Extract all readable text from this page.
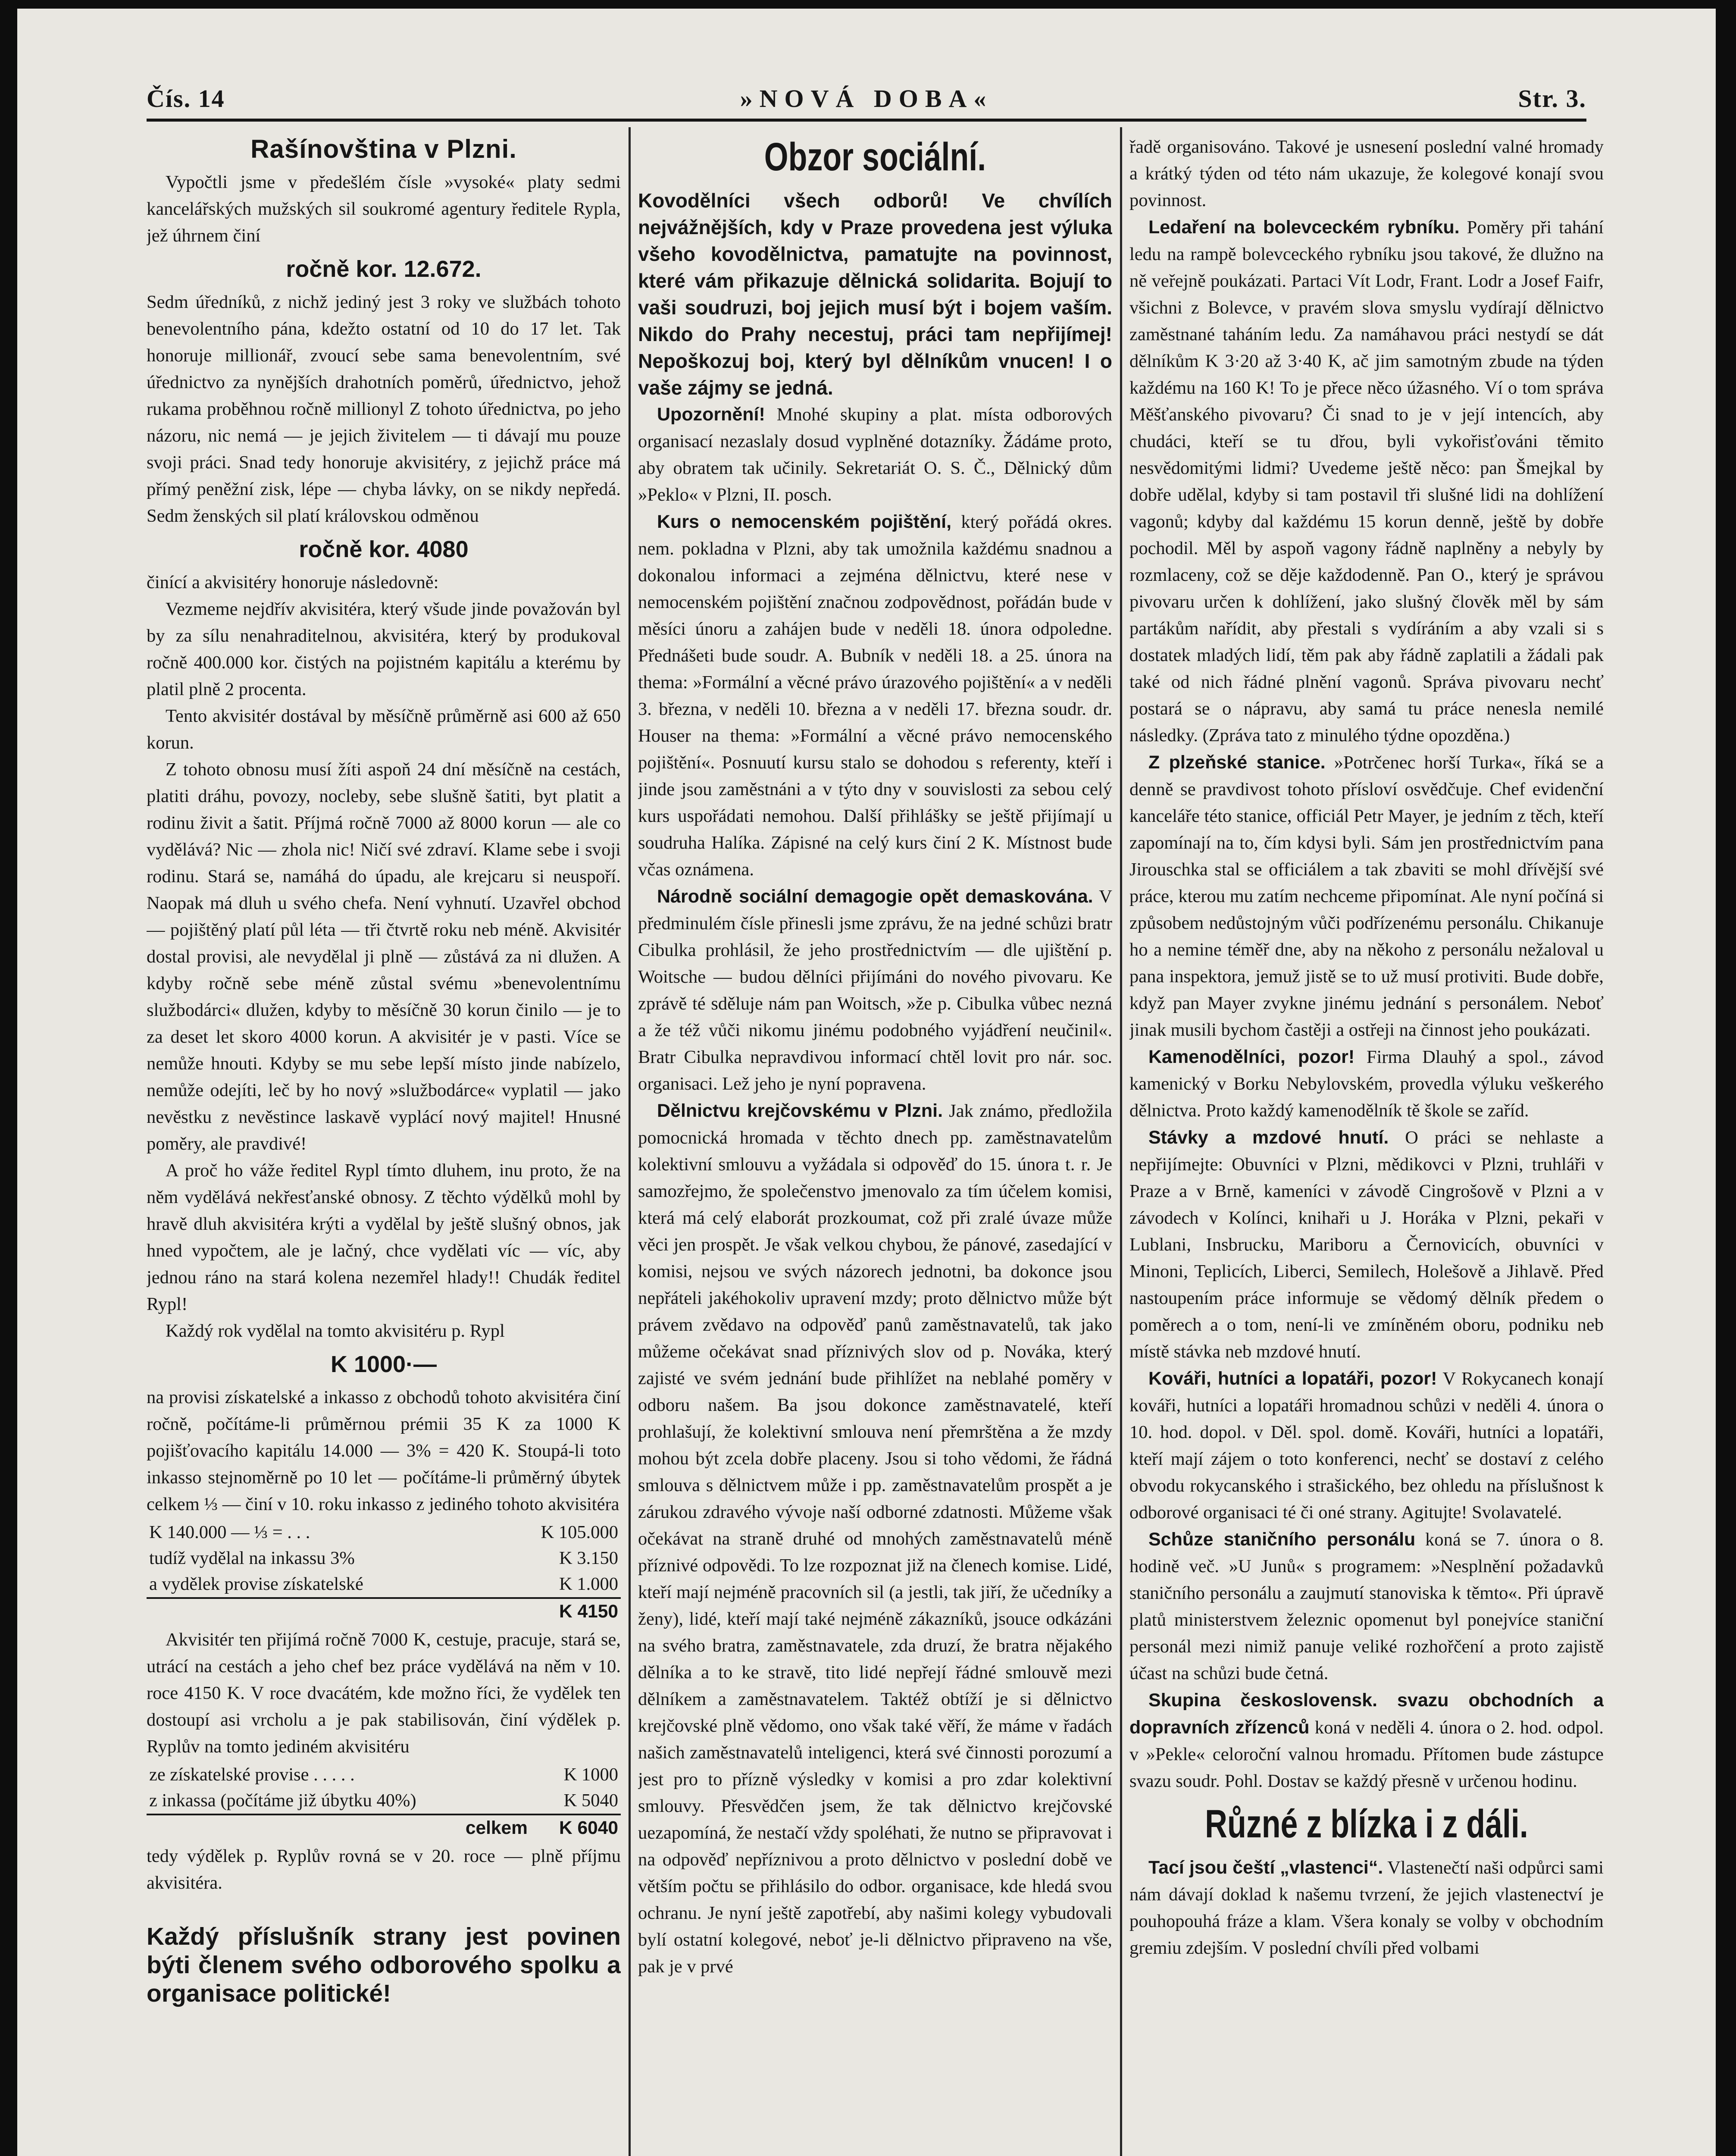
Čís. 14	»NOVÁ DOBA«	Str. 3.
Rašínovština v Plzni.

Vypočtli jsme v předešlém čísle »vysoké« platy sedmi kancelářských mužských sil soukromé agentury ředitele Rypla, jež úhrnem činí

ročně kor. 12.672.

Sedm úředníků, z nichž jediný jest 3 roky ve službách tohoto benevolentního pána, kdežto ostatní od 10 do 17 let. Tak honoruje millionář, zvoucí sebe sama benevolentním, své úřednictvo za nynějších drahotních poměrů, úřednictvo, jehož rukama proběhnou ročně millionyl Z tohoto úřednictva, po jeho názoru, nic nemá — je jejich živitelem — ti dávají mu pouze svoji práci. Snad tedy honoruje akvisitéry, z jejichž práce má přímý peněžní zisk, lépe — chyba lávky, on se nikdy nepředá. Sedm ženských sil platí královskou odměnou

ročně kor. 4080

činící a akvisitéry honoruje následovně:

Vezmeme nejdřív akvisitéra, který všude jinde považován byl by za sílu nenahraditelnou, akvisitéra, který by produkoval ročně 400.000 kor. čistých na pojistném kapitálu a kterému by platil plně 2 procenta.

Tento akvisitér dostával by měsíčně průměrně asi 600 až 650 korun.

Z tohoto obnosu musí žíti aspoň 24 dní měsíčně na cestách, platiti dráhu, povozy, nocleby, sebe slušně šatiti, byt platit a rodinu živit a šatit. Příjmá ročně 7000 až 8000 korun — ale co vydělává? Nic — zhola nic! Ničí své zdraví. Klame sebe i svoji rodinu. Stará se, namáhá do úpadu, ale krejcaru si neuspoří. Naopak má dluh u svého chefa. Není vyhnutí. Uzavřel obchod — pojištěný platí půl léta — tři čtvrtě roku neb méně. Akvisitér dostal provisi, ale nevydělal ji plně — zůstává za ni dlužen. A kdyby ročně sebe méně zůstal svému »benevolentnímu službodárci« dlužen, kdyby to měsíčně 30 korun činilo — je to za deset let skoro 4000 korun. A akvisitér je v pasti. Více se nemůže hnouti. Kdyby se mu sebe lepší místo jinde nabízelo, nemůže odejíti, leč by ho nový »službodárce« vyplatil — jako nevěstku z nevěstince laskavě vyplácí nový majitel! Hnusné poměry, ale pravdivé!

A proč ho váže ředitel Rypl tímto dluhem, inu proto, že na něm vydělává nekřesťanské obnosy. Z těchto výdělků mohl by hravě dluh akvisitéra krýti a vydělal by ještě slušný obnos, jak hned vypočtem, ale je lačný, chce vydělati víc — víc, aby jednou ráno na stará kolena nezemřel hlady!! Chudák ředitel Rypl!

Každý rok vydělal na tomto akvisitéru p. Rypl

K 1000·—

na provisi získatelské a inkasso z obchodů tohoto akvisitéra činí ročně, počítáme-li průměrnou prémii 35 K za 1000 K pojišťovacího kapitálu 14.000 — 3% = 420 K. Stoupá-li toto inkasso stejnoměrně po 10 let — počítáme-li průměrný úbytek celkem ⅓ — činí v 10. roku inkasso z jediného tohoto akvisitéra

K 140.000 — ⅓ = . . .	K 105.000
tudíž vydělal na inkassu 3%	K 3.150
a vydělek provise získatelské	K 1.000
	K 4150

Akvisitér ten přijímá ročně 7000 K, cestuje, pracuje, stará se, utrácí na cestách a jeho chef bez práce vydělává na něm v 10. roce 4150 K. V roce dvacátém, kde možno říci, že vydělek ten dostoupí asi vrcholu a je pak stabilisován, činí výdělek p. Ryplův na tomto jediném akvisitéru

ze získatelské provise . . . . .	K 1000
z inkassa (počítáme již úbytku 40%)	K 5040
celkem	K 6040

tedy výdělek p. Ryplův rovná se v 20. roce — plně příjmu akvisitéra.

Každý příslušník strany jest povinen býti členem svého odborového spolku a organisace politické!
Obzor sociální.
Kovodělníci všech odborů! Ve chvílích nejvážnějších, kdy v Praze provedena jest výluka všeho kovodělnictva, pamatujte na povinnost, které vám přikazuje dělnická solidarita. Bojují to vaši soudruzi, boj jejich musí být i bojem vaším. Nikdo do Prahy necestuj, práci tam nepřijímej! Nepoškozuj boj, který byl dělníkům vnucen! I o vaše zájmy se jedná.

Upozornění! Mnohé skupiny a plat. místa odborových organisací nezaslaly dosud vyplněné dotazníky. Žádáme proto, aby obratem tak učinily. Sekretariát O. S. Č., Dělnický dům »Peklo« v Plzni, II. posch.

Kurs o nemocenském pojištění, který pořádá okres. nem. pokladna v Plzni, aby tak umožnila každému snadnou a dokonalou informaci a zejména dělnictvu, které nese v nemocenském pojištění značnou zodpovědnost, pořádán bude v měsíci únoru a zahájen bude v neděli 18. února odpoledne. Přednášeti bude soudr. A. Bubník v neděli 18. a 25. února na thema: »Formální a věcné právo úrazového pojištění« a v neděli 3. března, v neděli 10. března a v neděli 17. března soudr. dr. Houser na thema: »Formální a věcné právo nemocenského pojištění«. Posnuutí kursu stalo se dohodou s referenty, kteří i jinde jsou zaměstnáni a v týto dny v souvislosti za sebou celý kurs uspořádati nemohou. Další přihlášky se ještě přijímají u soudruha Halíka. Zápisné na celý kurs činí 2 K. Místnost bude včas oznámena.

Národně sociální demagogie opět demaskována. V předminulém čísle přinesli jsme zprávu, že na jedné schůzi bratr Cibulka prohlásil, že jeho prostřednictvím — dle ujištění p. Woitsche — budou dělníci přijímáni do nového pivovaru. Ke zprávě té sděluje nám pan Woitsch, »že p. Cibulka vůbec nezná a že též vůči nikomu jinému podobného vyjádření neučinil«. Bratr Cibulka nepravdivou informací chtěl lovit pro nár. soc. organisaci. Lež jeho je nyní popravena.

Dělnictvu krejčovskému v Plzni. Jak známo, předložila pomocnická hromada v těchto dnech pp. zaměstnavatelům kolektivní smlouvu a vyžádala si odpověď do 15. února t. r. Je samozřejmo, že společenstvo jmenovalo za tím účelem komisi, která má celý elaborát prozkoumat, což při zralé úvaze může věci jen prospět. Je však velkou chybou, že pánové, zasedající v komisi, nejsou ve svých názorech jednotni, ba dokonce jsou nepřáteli jakéhokoliv upravení mzdy; proto dělnictvo může být právem zvědavo na odpověď panů zaměstnavatelů, tak jako můžeme očekávat snad příznivých slov od p. Nováka, který zajisté ve svém jednání bude přihlížet na neblahé poměry v odboru našem. Ba jsou dokonce zaměstnavatelé, kteří prohlašují, že kolektivní smlouva není přemrštěna a že mzdy mohou být zcela dobře placeny. Jsou si toho vědomi, že řádná smlouva s dělnictvem může i pp. zaměstnavatelům prospět a je zárukou zdravého vývoje naší odborné zdatnosti. Můžeme však očekávat na straně druhé od mnohých zaměstnavatelů méně příznivé odpovědi. To lze rozpoznat již na členech komise. Lidé, kteří mají nejméně pracovních sil (a jestli, tak jiří, že učedníky a ženy), lidé, kteří mají také nejméně zákazníků, jsouce odkázáni na svého bratra, zaměstnavatele, zda druzí, že bratra nějakého dělníka a to ke stravě, tito lidé nepřejí řádné smlouvě mezi dělníkem a zaměstnavatelem. Taktéž obtíží je si dělnictvo krejčovské plně vědomo, ono však také věří, že máme v řadách našich zaměstnavatelů inteligenci, která své činnosti porozumí a jest pro to přízně výsledky v komisi a pro zdar kolektivní smlouvy. Přesvědčen jsem, že tak dělnictvo krejčovské uezapomíná, že nestačí vždy spoléhati, že nutno se připravovat i na odpověď nepříznivou a proto dělnictvo v poslední době ve větším počtu se přihlásilo do odbor. organisace, kde hledá svou ochranu. Je nyní ještě zapotřebí, aby našimi kolegy vybudovali bylí ostatní kolegové, neboť je-li dělnictvo připraveno na vše, pak je v prvé

řadě organisováno. Takové je usnesení poslední valné hromady a krátký týden od této nám ukazuje, že kolegové konají svou povinnost.

Ledaření na bolevceckém rybníku. Poměry při tahání ledu na rampě bolevceckého rybníku jsou takové, že dlužno na ně veřejně poukázati. Partaci Vít Lodr, Frant. Lodr a Josef Faifr, všichni z Bolevce, v pravém slova smyslu vydírají dělnictvo zaměstnané taháním ledu. Za namáhavou práci nestydí se dát dělníkům K 3·20 až 3·40 K, ač jim samotným zbude na týden každému na 160 K! To je přece něco úžasného. Ví o tom správa Měšťanského pivovaru? Či snad to je v její intencích, aby chudáci, kteří se tu dřou, byli vykořisťováni těmito nesvědomitými lidmi? Uvedeme ještě něco: pan Šmejkal by dobře udělal, kdyby si tam postavil tři slušné lidi na dohlížení vagonů; kdyby dal každému 15 korun denně, ještě by dobře pochodil. Měl by aspoň vagony řádně naplněny a nebyly by rozmlaceny, což se děje každodenně. Pan O., který je správou pivovaru určen k dohlížení, jako slušný člověk měl by sám partákům nařídit, aby přestali s vydíráním a aby vzali si s dostatek mladých lidí, těm pak aby řádně zaplatili a žádali pak také od nich řádné plnění vagonů. Správa pivovaru nechť postará se o nápravu, aby samá tu práce nenesla nemilé následky. (Zpráva tato z minulého týdne opozděna.)

Z plzeňské stanice. »Potrčenec horší Turka«, říká se a denně se pravdivost tohoto přísloví osvědčuje. Chef evidenční kanceláře této stanice, officiál Petr Mayer, je jedním z těch, kteří zapomínají na to, čím kdysi byli. Sám jen prostřednictvím pana Jirouschka stal se officiálem a tak zbaviti se mohl dřívější své práce, kterou mu zatím nechceme připomínat. Ale nyní počíná si způsobem nedůstojným vůči podřízenému personálu. Chikanuje ho a nemine téměř dne, aby na někoho z personálu nežaloval u pana inspektora, jemuž jistě se to už musí protiviti. Bude dobře, když pan Mayer zvykne jinému jednání s personálem. Neboť jinak musili bychom častěji a ostřeji na činnost jeho poukázati.

Kamenodělníci, pozor! Firma Dlauhý a spol., závod kamenický v Borku Nebylovském, provedla výluku veškerého dělnictva. Proto každý kamenodělník tě škole se zaříd.

Stávky a mzdové hnutí. O práci se nehlaste a nepřijímejte: Obuvníci v Plzni, mědikovci v Plzni, truhláři v Praze a v Brně, kameníci v závodě Cingrošově v Plzni a v závodech v Kolínci, knihaři u J. Horáka v Plzni, pekaři v Lublani, Insbrucku, Mariboru a Černovicích, obuvníci v Minoni, Teplicích, Liberci, Semilech, Holešově a Jihlavě. Před nastoupením práce informuje se vědomý dělník předem o poměrech a o tom, není-li ve zmíněném oboru, podniku neb místě stávka neb mzdové hnutí.

Kováři, hutníci a lopatáři, pozor! V Rokycanech konají kováři, hutníci a lopatáři hromadnou schůzi v neděli 4. února o 10. hod. dopol. v Děl. spol. domě. Kováři, hutníci a lopatáři, kteří mají zájem o toto konferenci, nechť se dostaví z celého obvodu rokycanského i strašického, bez ohledu na příslušnost k odborové organisaci té či oné strany. Agitujte! Svolavatelé.

Schůze staničního personálu koná se 7. února o 8. hodině več. »U Junů« s programem: »Nesplnění požadavků staničního personálu a zaujmutí stanoviska k těmto«. Při úpravě platů ministerstvem železnic opomenut byl ponejvíce staniční personál mezi nimiž panuje veliké rozhořčení a proto zajistě účast na schůzi bude četná.

Skupina československ. svazu obchodních a dopravních zřízenců koná v neděli 4. února o 2. hod. odpol. v »Pekle« celoroční valnou hromadu. Přítomen bude zástupce svazu soudr. Pohl. Dostav se každý přesně v určenou hodinu.

Různé z blízka i z dáli.

Tací jsou čeští „vlastenci“. Vlastenečtí naši odpůrci sami nám dávají doklad k našemu tvrzení, že jejich vlastenectví je pouhopouhá fráze a klam. Všera konaly se volby v obchodním gremiu zdejším. V poslední chvíli před volbami
